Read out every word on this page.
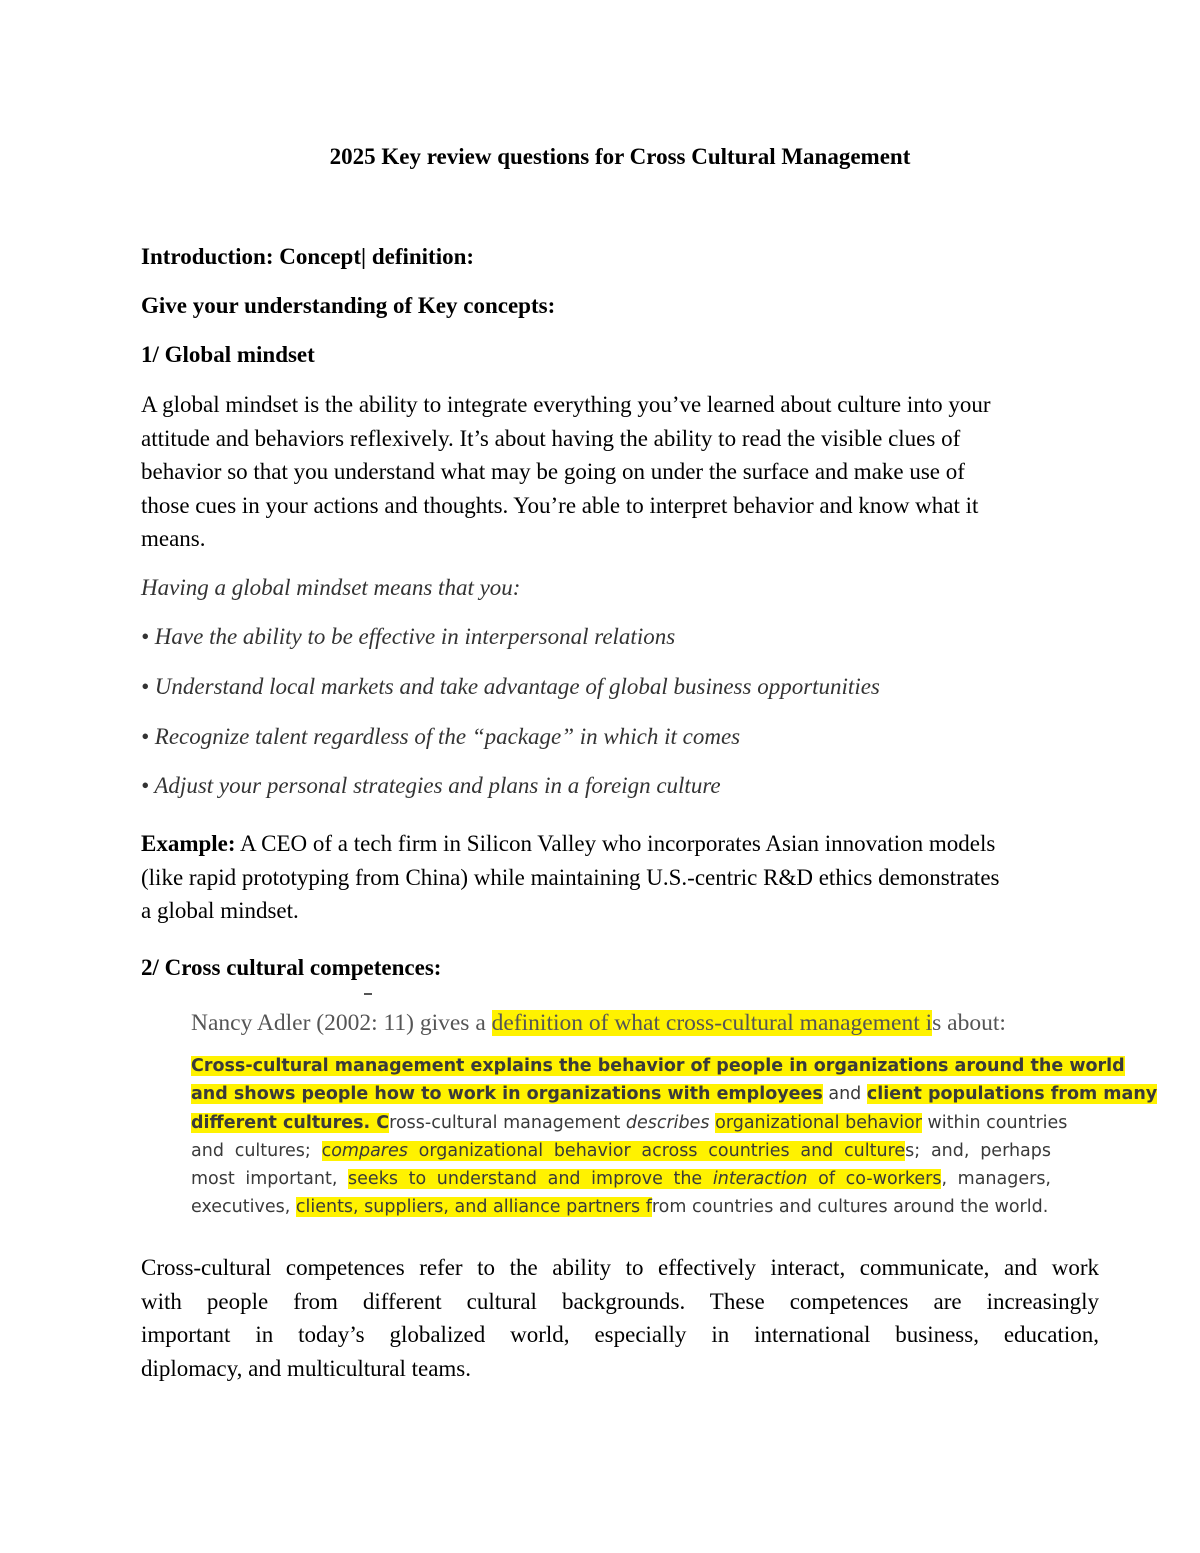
2025 Key review questions for Cross Cultural Management
Introduction: Concept| definition:
Give your understanding of Key concepts:
1/ Global mindset
A global mindset is the ability to integrate everything you’ve learned about culture into your
attitude and behaviors reflexively. It’s about having the ability to read the visible clues of
behavior so that you understand what may be going on under the surface and make use of
those cues in your actions and thoughts. You’re able to interpret behavior and know what it
means.
Having a global mindset means that you:
• Have the ability to be effective in interpersonal relations
• Understand local markets and take advantage of global business opportunities
• Recognize talent regardless of the “package” in which it comes
• Adjust your personal strategies and plans in a foreign culture
Example: A CEO of a tech firm in Silicon Valley who incorporates Asian innovation models
(like rapid prototyping from China) while maintaining U.S.-centric R&D ethics demonstrates
a global mindset.
2/ Cross cultural competences:
Nancy Adler (2002: 11) gives a definition of what cross-cultural management is about:
Cross-cultural management explains the behavior of people in organizations around the world
and shows people how to work in organizations with employees and client populations from many
different cultures. Cross-cultural management describes organizational behavior within countries
and cultures; compares organizational behavior across countries and cultures; and, perhaps
most important, seeks to understand and improve the interaction of co-workers, managers,
executives, clients, suppliers, and alliance partners from countries and cultures around the world.
Cross-cultural competences refer to the ability to effectively interact, communicate, and work
with people from different cultural backgrounds. These competences are increasingly
important in today’s globalized world, especially in international business, education,
diplomacy, and multicultural teams.
